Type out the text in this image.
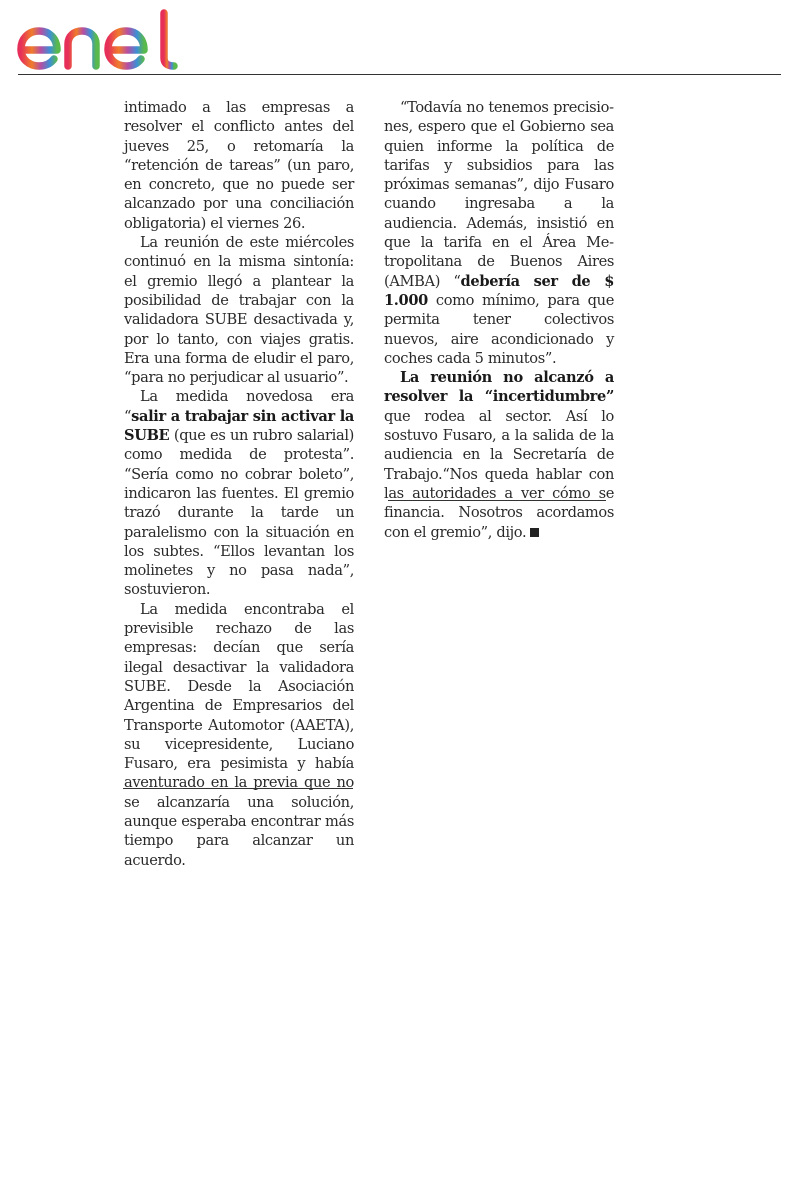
intimado a las empresas a resolver el conflicto antes del jueves 25, o retomaría la “retención de tareas” (un paro, en concreto, que no puede ser alcanzado por una conciliación obligatoria) el viernes 26.

La reunión de este miércoles continuó en la misma sintonía: el gremio llegó a plantear la posibilidad de trabajar con la validadora SUBE desactivada y, por lo tanto, con viajes gratis. Era una forma de eludir el paro, “para no perjudicar al usuario”.

La medida novedosa era “salir a trabajar sin activar la SUBE (que es un rubro salarial) como medida de protesta”. “Sería como no cobrar boleto”, indicaron las fuentes. El gremio trazó durante la tarde un paralelismo con la situación en los subtes. “Ellos levantan los molinetes y no pasa nada”, sostuvieron.

La medida encontraba el previsible rechazo de las empresas: decían que sería ilegal desactivar la validadora SUBE. Desde la Asociación Argentina de Empresarios del Transporte Automotor (AAETA), su vicepresidente, Luciano Fusaro, era pesimista y había aventurado en la previa que no se alcanzaría una solución, aunque esperaba encontrar más tiempo para alcanzar un acuerdo.

“Todavía no tenemos precisiones, espero que el Gobierno sea quien informe la política de tarifas y subsidios para las próximas semanas”, dijo Fusaro cuando ingresaba a la audiencia. Además, insistió en que la tarifa en el Área Metropolitana de Buenos Aires (AMBA) “debería ser de $ 1.000 como mínimo, para que permita tener colectivos nuevos, aire acondicionado y coches cada 5 minutos”.

La reunión no alcanzó a resolver la “incertidumbre” que rodea al sector. Así lo sostuvo Fusaro, a la salida de la audiencia en la Secretaría de Trabajo.“Nos queda hablar con las autoridades a ver cómo se financia. Nosotros acordamos con el gremio”, dijo.
